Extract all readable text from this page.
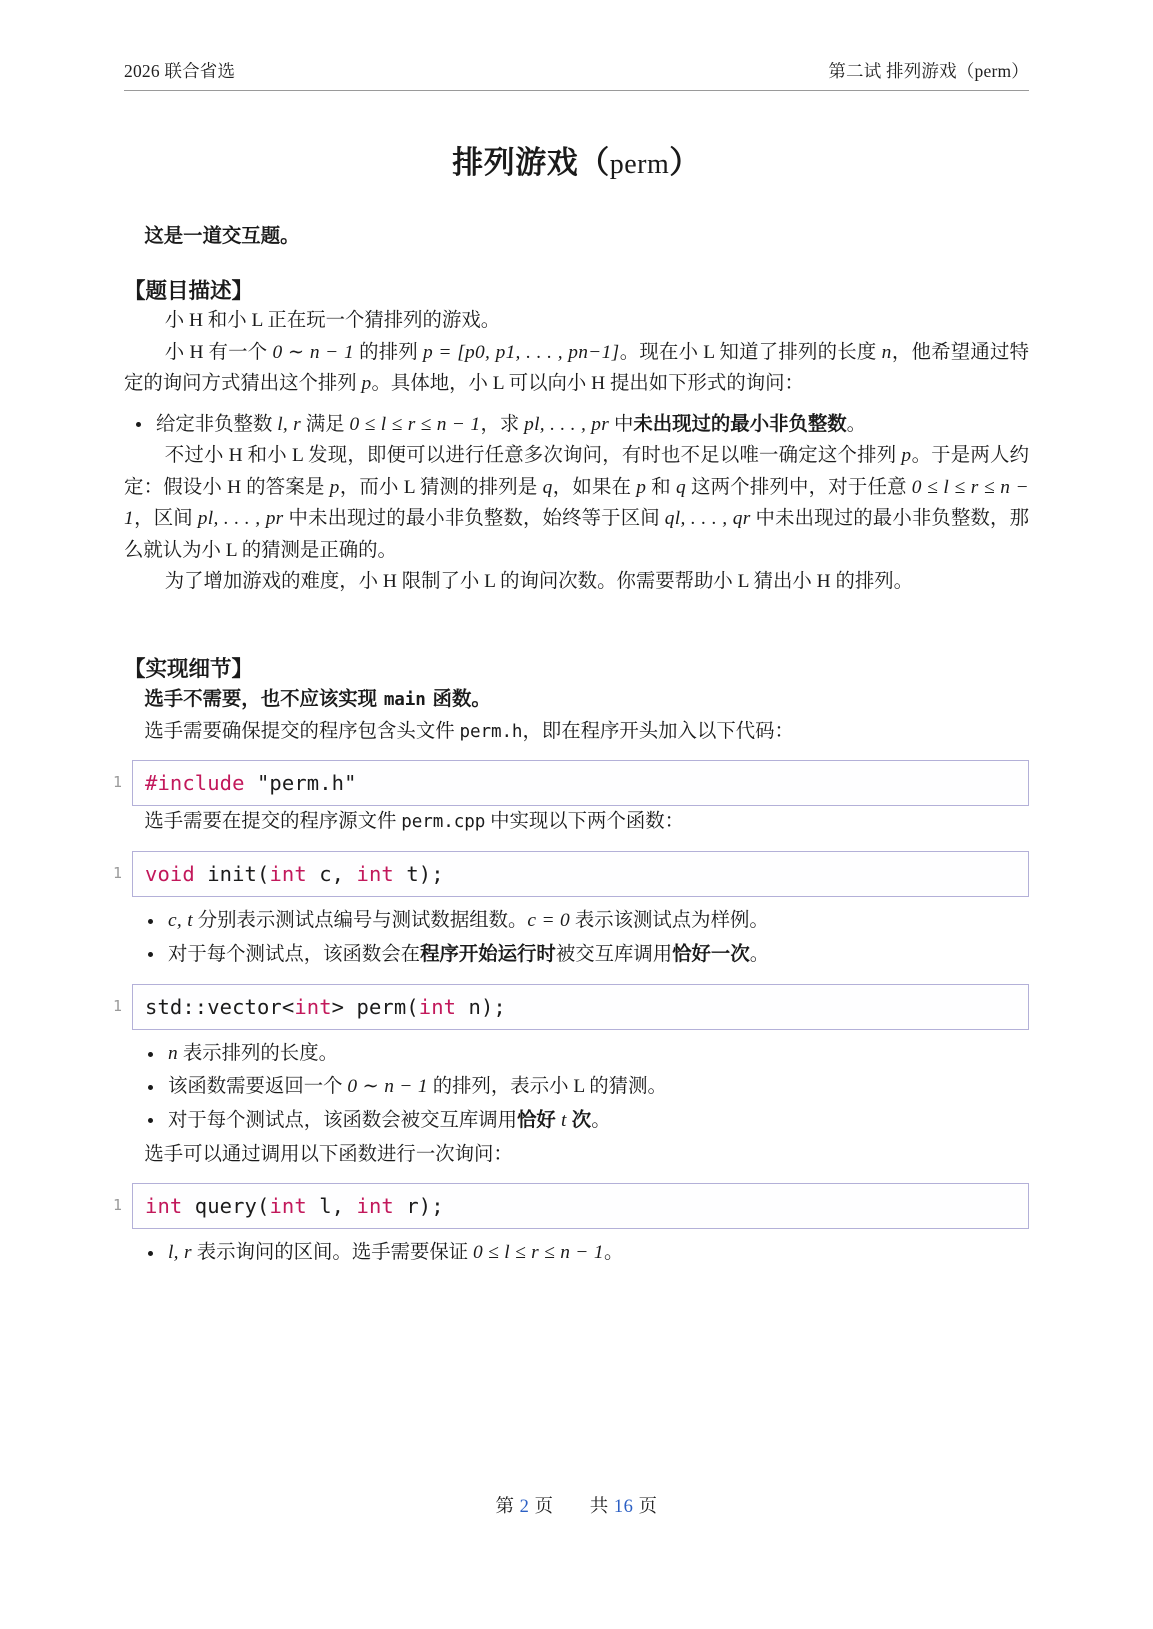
2026 联合省选	第二试 排列游戏（perm）
排列游戏（perm）

这是一道交互题。

【题目描述】

小 H 和小 L 正在玩一个猜排列的游戏。

小 H 有一个 0 ∼ n − 1 的排列 p = [p0, p1, . . . , pn−1]。现在小 L 知道了排列的长度 n，他希望通过特定的询问方式猜出这个排列 p。具体地，小 L 可以向小 H 提出如下形式的询问：

给定非负整数 l, r 满足 0 ≤ l ≤ r ≤ n − 1，求 pl, . . . , pr 中未出现过的最小非负整数。

不过小 H 和小 L 发现，即便可以进行任意多次询问，有时也不足以唯一确定这个排列 p。于是两人约定：假设小 H 的答案是 p，而小 L 猜测的排列是 q，如果在 p 和 q 这两个排列中，对于任意 0 ≤ l ≤ r ≤ n − 1，区间 pl, . . . , pr 中未出现过的最小非负整数，始终等于区间 ql, . . . , qr 中未出现过的最小非负整数，那么就认为小 L 的猜测是正确的。

为了增加游戏的难度，小 H 限制了小 L 的询问次数。你需要帮助小 L 猜出小 H 的排列。

【实现细节】

选手不需要，也不应该实现 main 函数。

选手需要确保提交的程序包含头文件 perm.h，即在程序开头加入以下代码：

1	#include "perm.h"

选手需要在提交的程序源文件 perm.cpp 中实现以下两个函数：

1	void init(int c, int t);
c, t 分别表示测试点编号与测试数据组数。c = 0 表示该测试点为样例。
对于每个测试点，该函数会在程序开始运行时被交互库调用恰好一次。
1	std::vector<int> perm(int n);
n 表示排列的长度。
该函数需要返回一个 0 ∼ n − 1 的排列，表示小 L 的猜测。
对于每个测试点，该函数会被交互库调用恰好 t 次。

选手可以通过调用以下函数进行一次询问：

1	int query(int l, int r);
l, r 表示询问的区间。选手需要保证 0 ≤ l ≤ r ≤ n − 1。
第 2 页 共 16 页
